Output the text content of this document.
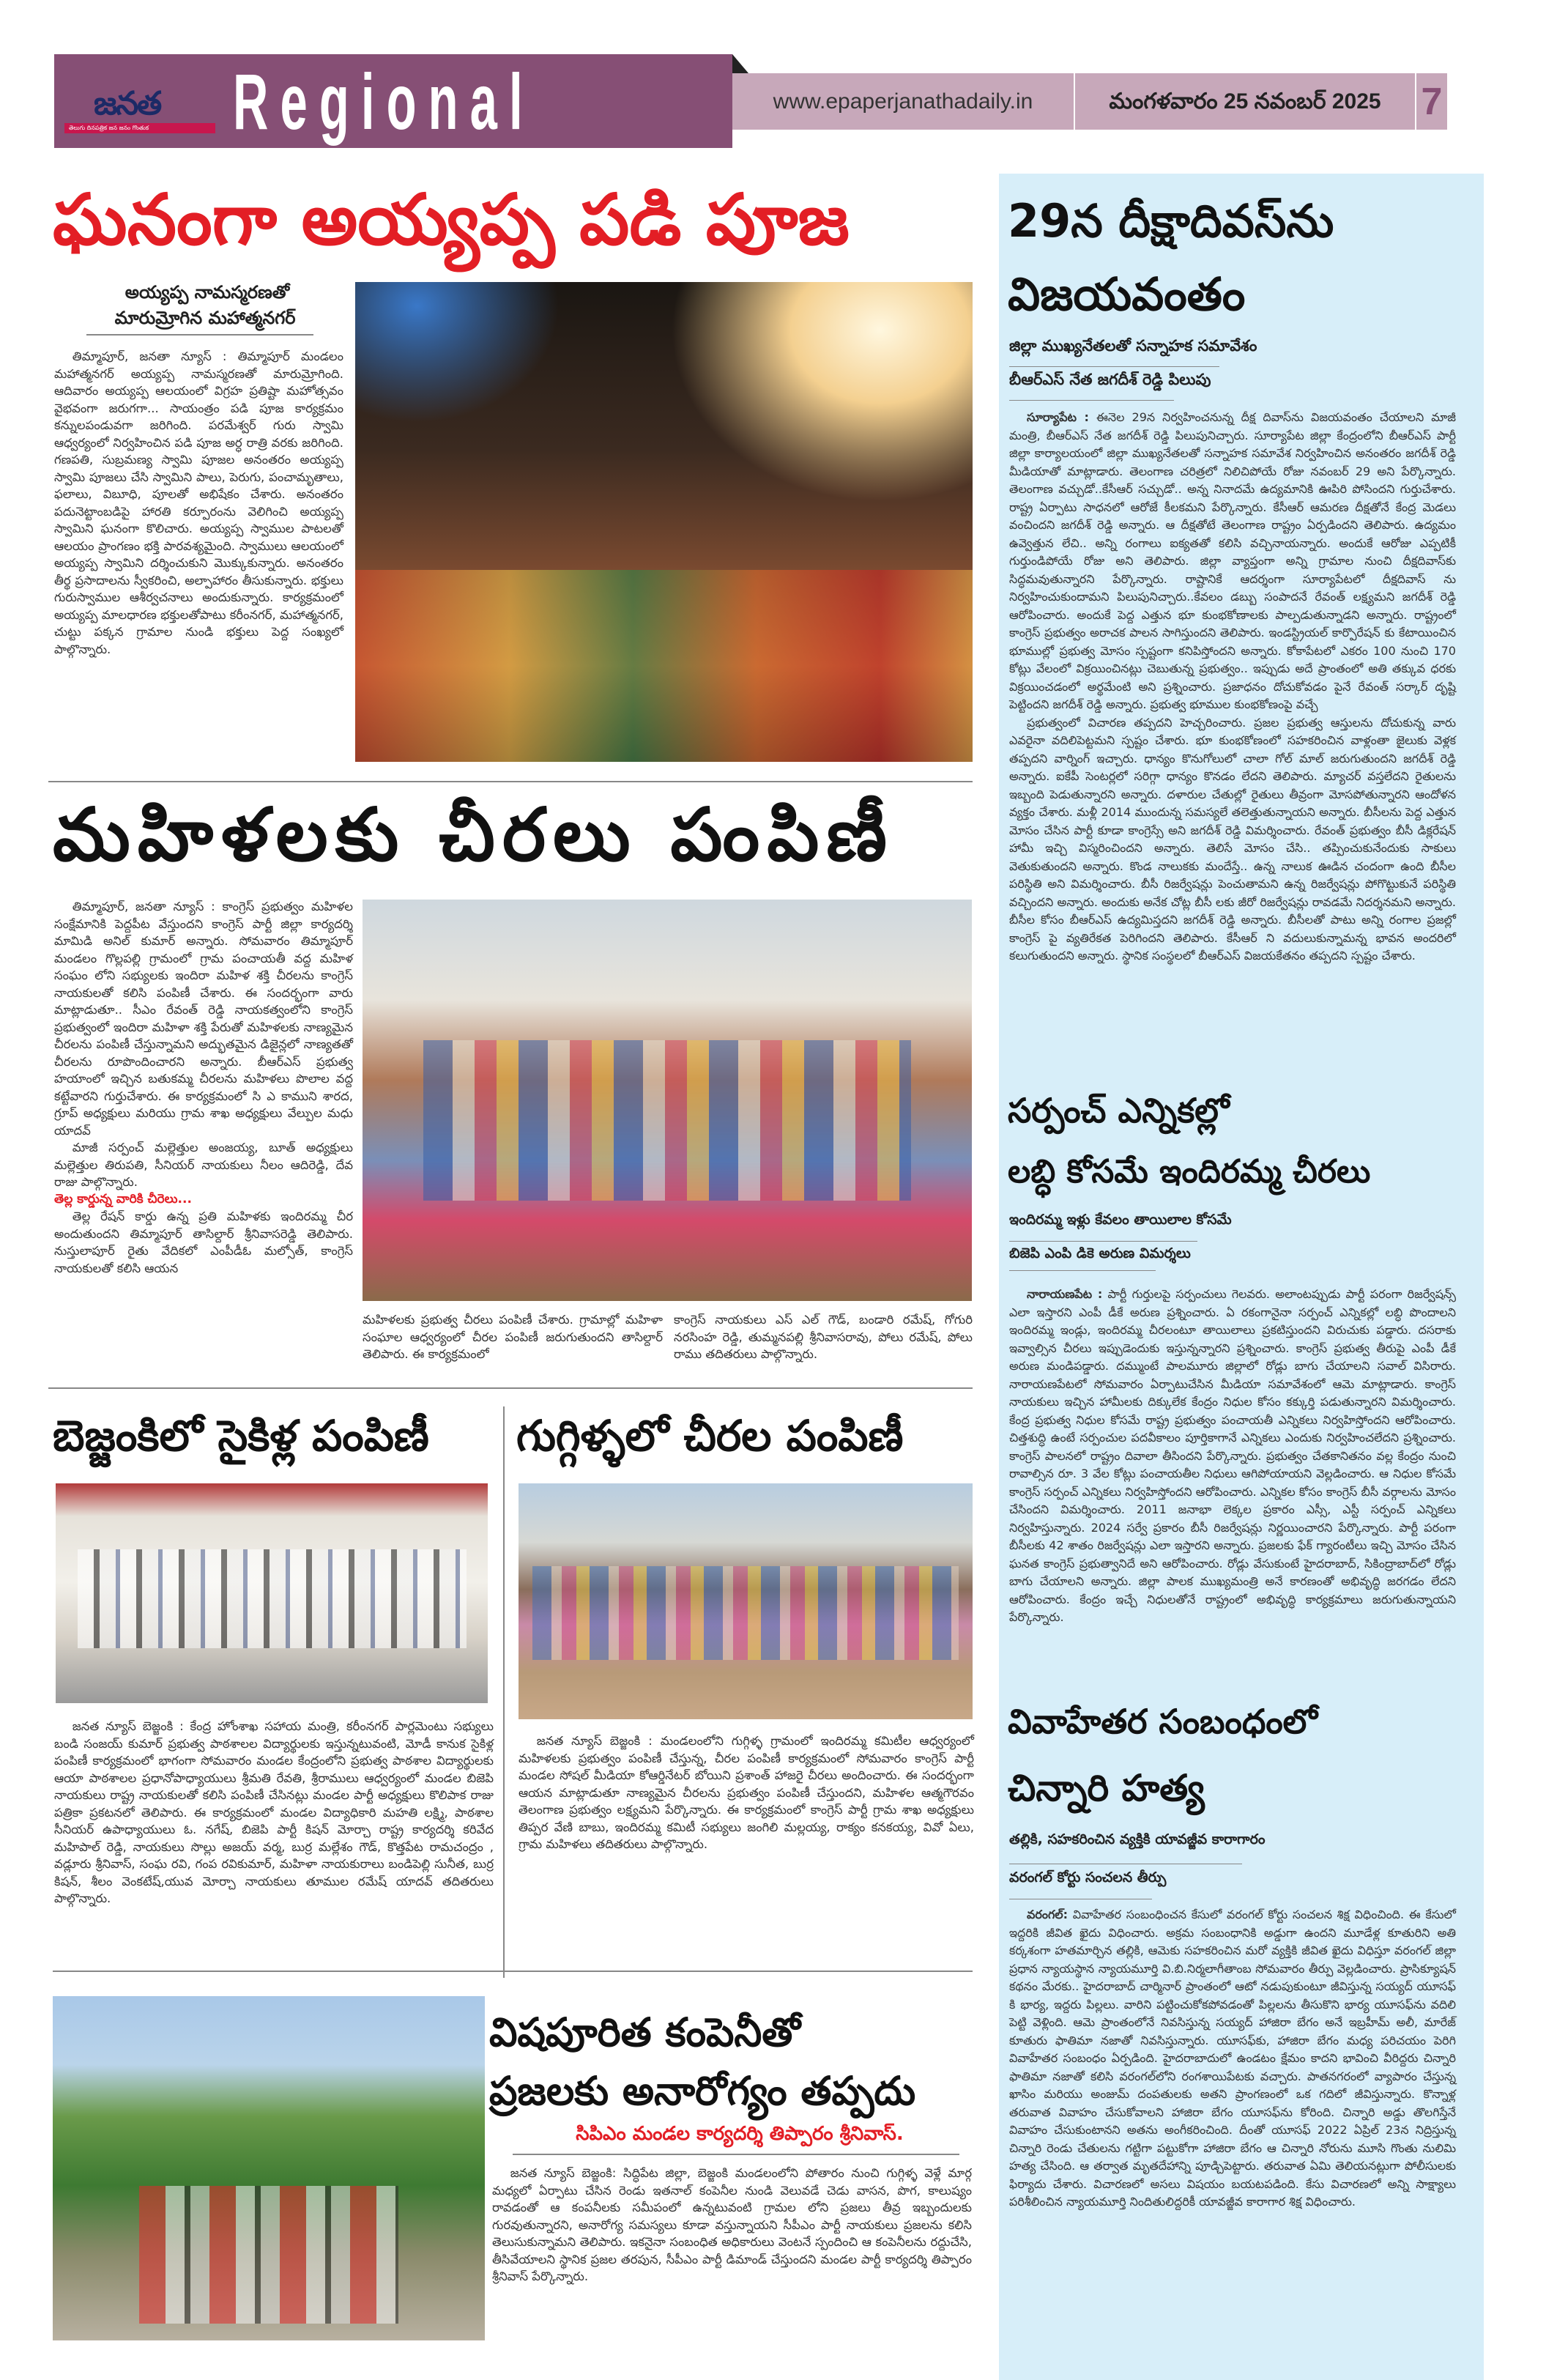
జనత
తెలుగు దినపత్రిక జన జనం గొంతుక	Regional	www.epaperjanathadaily.in	మంగళవారం 25 నవంబర్ 2025	7
ఘనంగా అయ్యప్ప పడి పూజ
అయ్యప్ప నామస్మరణతో
మారుమ్రోగిన మహాత్మనగర్

తిమ్మాపూర్, జనతా న్యూస్ : తిమ్మాపూర్ మండలం మహాత్మనగర్ అయ్యప్ప నామస్మరణతో మారుమ్రోగింది. ఆదివారం అయ్యప్ప ఆలయంలో విగ్రహ ప్రతిష్టా మహోత్సవం వైభవంగా జరుగగా... సాయంత్రం పడి పూజ కార్యక్రమం కన్నులపండువగా జరిగింది. పరమేశ్వర్ గురు స్వామి ఆధ్వర్యంలో నిర్వహించిన పడి పూజ అర్ధ రాత్రి వరకు జరిగింది. గణపతి, సుబ్రమణ్య స్వామి పూజల అనంతరం అయ్యప్ప స్వామి పూజలు చేసి స్వామిని పాలు, పెరుగు, పంచామృతాలు, ఫలాలు, విబూధి, పూలతో అభిషేకం చేశారు. అనంతరం పదునెట్టాంబడిపై హారతి కర్పూరంను వెలిగించి అయ్యప్ప స్వామిని ఘనంగా కొలిచారు. అయ్యప్ప స్వాముల పాటలతో ఆలయం ప్రాంగణం భక్తి పారవశ్యమైంది. స్వాములు ఆలయంలో అయ్యప్ప స్వామిని దర్శించుకుని మొక్కుకున్నారు. అనంతరం తీర్థ ప్రసాదాలను స్వీకరించి, అల్పాహారం తీసుకున్నారు. భక్తులు గురుస్వాముల ఆశీర్వచనాలు అందుకున్నారు. కార్యక్రమంలో అయ్యప్ప మాలధారణ భక్తులతోపాటు కరీంనగర్, మహాత్మనగర్, చుట్టు పక్కన గ్రామాల నుండి భక్తులు పెద్ద సంఖ్యలో పాల్గొన్నారు.

మహిళలకు చీరలు పంపిణీ

తిమ్మాపూర్, జనతా న్యూస్ : కాంగ్రెస్ ప్రభుత్వం మహిళల సంక్షేమానికి పెద్దపీట వేస్తుందని కాంగ్రెస్ పార్టీ జిల్లా కార్యదర్శి మామిడి అనిల్ కుమార్ అన్నారు. సోమవారం తిమ్మాపూర్ మండలం గొల్లపల్లి గ్రామంలో గ్రామ పంచాయతీ వద్ద మహిళ సంఘం లోని సభ్యులకు ఇందిరా మహిళ శక్తి చీరలను కాంగ్రెస్ నాయకులతో కలిసి పంపిణీ చేశారు. ఈ సందర్భంగా వారు మాట్లాడుతూ.. సీఎం రేవంత్ రెడ్డి నాయకత్వంలోని కాంగ్రెస్ ప్రభుత్వంలో ఇందిరా మహిళా శక్తి పేరుతో మహిళలకు నాణ్యమైన చీరలను పంపిణీ చేస్తున్నామని అద్భుతమైన డిజైన్లలో నాణ్యతతో చీరలను రూపొందించారని అన్నారు. బీఆర్ఎస్ ప్రభుత్వ హయాంలో ఇచ్చిన బతుకమ్మ చీరలను మహిళలు పొలాల వద్ద కట్టేవారని గుర్తుచేశారు. ఈ కార్యక్రమంలో సి ఎ కాముని శారద, గ్రూప్ అధ్యక్షులు మరియు గ్రామ శాఖ అధ్యక్షులు వేల్పుల మధు యాదవ్

మాజీ సర్పంచ్ మల్లెత్తుల అంజయ్య, బూత్ అధ్యక్షులు మల్లెత్తుల తిరుపతి, సీనియర్ నాయకులు నీలం ఆదిరెడ్డి, దేవ రాజు పాల్గొన్నారు.

తెల్ల కార్డున్న వారికి చీరెలు...

తెల్ల రేషన్ కార్డు ఉన్న ప్రతి మహిళకు ఇందిరమ్మ చీర అందుతుందని తిమ్మాపూర్ తాసిల్దార్ శ్రీనివాసరెడ్డి తెలిపారు. నుస్తులాపూర్ రైతు వేదికలో ఎంపీడీఓ మల్సోత్, కాంగ్రెస్ నాయకులతో కలిసి ఆయన

మహిళలకు ప్రభుత్వ చీరలు పంపిణీ చేశారు. గ్రామాల్లో మహిళా సంఘాల ఆధ్వర్యంలో చీరల పంపిణీ జరుగుతుందని తాసిల్దార్ తెలిపారు. ఈ కార్యక్రమంలో

కాంగ్రెస్ నాయకులు ఎస్ ఎల్ గౌడ్, బండారి రమేష్, గోగురి నరసింహ రెడ్డి, తుమ్మనపల్లి శ్రీనివాసరావు, పోలు రమేష్, పోలు రాము తదితరులు పాల్గొన్నారు.

బెజ్జంకిలో సైకిళ్ల పంపిణీ

జనత న్యూస్ బెజ్జంకి : కేంద్ర హోంశాఖ సహాయ మంత్రి, కరీంనగర్ పార్లమెంటు సభ్యులు బండి సంజయ్ కుమార్ ప్రభుత్వ పాఠశాలల విద్యార్థులకు ఇస్తున్నటువంటి, మోడీ కానుక సైకిళ్ల పంపిణీ కార్యక్రమంలో భాగంగా సోమవారం మండల కేంద్రంలోని ప్రభుత్వ పాఠశాల విద్యార్థులకు ఆయా పాఠశాలల ప్రధానోపాధ్యాయులు శ్రీమతి రేవతి, శ్రీరాములు ఆధ్వర్యంలో మండల బిజెపి నాయకులు రాష్ట్ర నాయకులతో కలిసి పంపిణీ చేసినట్లు మండల పార్టీ అధ్యక్షులు కొలిపాక రాజు పత్రికా ప్రకటనలో తెలిపారు. ఈ కార్యక్రమంలో మండల విద్యాధికారి మహతి లక్ష్మి, పాఠశాల సీనియర్ ఉపాధ్యాయులు ఓ. నగేష్, బిజెపి పార్టీ కిషన్ మోర్చా రాష్ట్ర కార్యదర్శి కరివేద మహిపాల్ రెడ్డి, నాయకులు సొల్లు అజయ్ వర్మ, బుర్ర మల్లేశం గౌడ్, కొత్తపేట రామచంద్రం , వడ్లూరు శ్రీనివాస్, సంఘ రవి, గంప రవికుమార్, మహిళా నాయకురాలు బండిపెల్లి సునీత, బుర్ర కిషన్, శీలం వెంకటేష్,యువ మోర్చా నాయకులు తూముల రమేష్ యాదవ్ తదితరులు పాల్గొన్నారు.

గుగ్గిళ్ళలో చీరల పంపిణీ

జనత న్యూస్ బెజ్జంకి : మండలంలోని గుగ్గిళ్ళ గ్రామంలో ఇందిరమ్మ కమిటీల ఆధ్వర్యంలో మహిళలకు ప్రభుత్వం పంపిణీ చేస్తున్న, చీరల పంపిణీ కార్యక్రమంలో సోమవారం కాంగ్రెస్ పార్టీ మండల సోషల్ మీడియా కోఆర్డినేటర్ బోయిని ప్రశాంత్ హాజరై చీరలు అందించారు. ఈ సందర్భంగా ఆయన మాట్లాడుతూ నాణ్యమైన చీరలను ప్రభుత్వం పంపిణీ చేస్తుందని, మహిళల ఆత్మగౌరవం తెలంగాణ ప్రభుత్వం లక్ష్యమని పేర్కొన్నారు. ఈ కార్యక్రమంలో కాంగ్రెస్ పార్టీ గ్రామ శాఖ అధ్యక్షులు తిప్పర వేణి బాబు, ఇందిరమ్మ కమిటీ సభ్యులు జంగిలి మల్లయ్య, రాక్యం కనకయ్య, వివో ఏలు, గ్రామ మహిళలు తదితరులు పాల్గొన్నారు.

విషపూరిత కంపెనీతో
ప్రజలకు అనారోగ్యం తప్పదు
సిపిఎం మండల కార్యదర్శి తిప్పారం శ్రీనివాస్.

జనత న్యూస్ బెజ్జంకి: సిద్ధిపేట జిల్లా, బెజ్జంకి మండలంలోని పోతారం నుంచి గుగ్గిళ్ళ వెళ్లే మార్గ మధ్యలో ఏర్పాటు చేసిన రెండు ఇతనాల్ కంపెనీల నుండి వెలువడే చెడు వాసన, పొగ, కాలుష్యం రావడంతో ఆ కంపనీలకు సమీపంలో ఉన్నటువంటి గ్రామల లోని ప్రజలు తీవ్ర ఇబ్బందులకు గురవుతున్నారని, అనారోగ్య సమస్యలు కూడా వస్తున్నాయని సీపీఎం పార్టీ నాయకులు ప్రజలను కలిసి తెలుసుకున్నామని తెలిపారు. ఇకనైనా సంబంధిత అధికారులు వెంటనే స్పందించి ఆ కంపెనీలను రద్దుచేసి, తీసివేయాలని స్థానిక ప్రజల తరపున, సీపీఎం పార్టీ డిమాండ్ చేస్తుందని మండల పార్టీ కార్యదర్శి తిప్పారం శ్రీనివాస్ పేర్కొన్నారు.

29న దీక్షాదివస్‌ను
విజయవంతం
జిల్లా ముఖ్యనేతలతో సన్నాహక సమావేశం
బీఆర్ఎస్ నేత జగదీశ్ రెడ్డి పిలుపు

సూర్యాపేట : ఈనెల 29న నిర్వహించనున్న దీక్ష దివాస్‌ను విజయవంతం చేయాలని మాజీ మంత్రి, బీఆర్ఎస్ నేత జగదీశ్ రెడ్డి పిలుపునిచ్చారు. సూర్యాపేట జిల్లా కేంద్రంలోని బీఆర్ఎస్ పార్టీ జిల్లా కార్యాలయంలో జిల్లా ముఖ్యనేతలతో సన్నాహక సమావేశ నిర్వహించిన అనంతరం జగదీశ్ రెడ్డి మీడియాతో మాట్లాడారు. తెలంగాణ చరిత్రలో నిలిచిపోయే రోజు నవంబర్ 29 అని పేర్కొన్నారు. తెలంగాణ వచ్చుడో..కేసీఆర్ సచ్చుడో.. అన్న నినాదమే ఉద్యమానికి ఊపిరి పోసిందని గుర్తుచేశారు. రాష్ట్ర ఏర్పాటు సాధనలో ఆరోజే కీలకమని పేర్కొన్నారు. కేసీఆర్ ఆమరణ దీక్షతోనే కేంద్ర మెడలు వంచిందని జగదీశ్ రెడ్డి అన్నారు. ఆ దీక్షతోటే తెలంగాణ రాష్ట్రం ఏర్పడిందని తెలిపారు. ఉద్యమం ఉవ్వెత్తున లేచి.. అన్ని రంగాలు ఐక్యతతో కలిసి వచ్చినాయన్నారు. అందుకే ఆరోజు ఎప్పటికీ గుర్తుండిపోయే రోజు అని తెలిపారు. జిల్లా వ్యాప్తంగా అన్ని గ్రామాల నుంచి దీక్షదివాస్‌కు సిద్ధమవుతున్నారని పేర్కొన్నారు. రాష్టానికే ఆదర్శంగా సూర్యాపేటలో దీక్షదివాస్ ను నిర్వహించుకుందామని పిలుపునిచ్చారు..కేవలం డబ్బు సంపాదనే రేవంత్ లక్ష్యమని జగదీశ్ రెడ్డి ఆరోపించారు. అందుకే పెద్ద ఎత్తున భూ కుంభకోణాలకు పాల్పడుతున్నాడని అన్నారు. రాష్ట్రంలో కాంగ్రెస్ ప్రభుత్వం అరాచక పాలన సాగిస్తుందని తెలిపారు. ఇండస్ట్రియల్ కార్పొరేషన్ కు కేటాయించిన భూముల్లో ప్రభుత్వ మోసం స్పష్టంగా కనిపిస్తోందని అన్నారు. కోకాపేటలో ఎకరం 100 నుంచి 170 కోట్లు వేలంలో విక్రయించినట్లు చెబుతున్న ప్రభుత్వం.. ఇప్పుడు అదే ప్రాంతంలో అతి తక్కువ ధరకు విక్రయించడంలో అర్థమేంటి అని ప్రశ్నించారు. ప్రజాధనం దోచుకోవడం పైనే రేవంత్ సర్కార్ దృష్టి పెట్టిందని జగదీశ్ రెడ్డి అన్నారు. ప్రభుత్వ భూముల కుంభకోణంపై వచ్చే

ప్రభుత్వంలో విచారణ తప్పదని హెచ్చరించారు. ప్రజల ప్రభుత్వ ఆస్తులను దోచుకున్న వారు ఎవరైనా వదిలిపెట్టమని స్పష్టం చేశారు. భూ కుంభకోణంలో సహకరించిన వాళ్లంతా జైలుకు వెళ్లక తప్పదని వార్నింగ్ ఇచ్చారు. ధాన్యం కొనుగోలులో చాలా గోల్ మాల్ జరుగుతుందని జగదీశ్ రెడ్డి అన్నారు. ఐకేపీ సెంటర్లలో సరిగ్గా ధాన్యం కొనడం లేదని తెలిపారు. మ్యాచర్ వస్తలేదని రైతులను ఇబ్బంది పెడుతున్నారని అన్నారు. దళారుల చేతుల్లో రైతులు తీవ్రంగా మోసపోతున్నారని ఆందోళన వ్యక్తం చేశారు. మళ్లీ 2014 ముందున్న సమస్యలే తలెత్తుతున్నాయని అన్నారు. బీసీలను పెద్ద ఎత్తున మోసం చేసిన పార్టీ కూడా కాంగ్రెస్సే అని జగదీశ్ రెడ్డి విమర్శించారు. రేవంత్ ప్రభుత్వం బీసీ డిక్లరేషన్ హామీ ఇచ్చి విస్మరించిందని అన్నారు. తెలిసే మోసం చేసి.. తప్పించుకునేందుకు సాకులు వెతుకుతుందని అన్నారు. కొండ నాలుకకు మందేస్తే.. ఉన్న నాలుక ఊడిన చందంగా ఉంది బీసీల పరిస్థితి అని విమర్శించారు. బీసీ రిజర్వేషన్లు పెంచుతామని ఉన్న రిజర్వేషన్లు పోగొట్టుకునే పరిస్థితి వచ్చిందని అన్నారు. అందుకు అనేక చోట్ల బీసీ లకు జీరో రిజర్వేషన్లు రావడమే నిదర్శనమని అన్నారు. బీసీల కోసం బీఆర్ఎస్ ఉద్యమిస్తదని జగదీశ్ రెడ్డి అన్నారు. బీసీలతో పాటు అన్ని రంగాల ప్రజల్లో కాంగ్రెస్ పై వ్యతిరేకత పెరిగిందని తెలిపారు. కేసీఆర్ ని వదులుకున్నామన్న భావన అందరిలో కలుగుతుందని అన్నారు. స్థానిక సంస్థలలో బీఆర్ఎస్ విజయకేతనం తప్పదని స్పష్టం చేశారు.

సర్పంచ్ ఎన్నికల్లో
లబ్ధి కోసమే ఇందిరమ్మ చీరలు
ఇందిరమ్మ ఇళ్లు కేవలం తాయిలాల కోసమే
బిజెపి ఎంపి డికె అరుణ విమర్శలు

నారాయణపేట : పార్టీ గుర్తులపై సర్పంచులు గెలవరు. అలాంటప్పుడు పార్టీ పరంగా రిజర్వేషన్స్ ఎలా ఇస్తారని ఎంపీ డీకే అరుణ ప్రశ్నించారు. ఏ రకంగానైనా సర్పంచ్ ఎన్నికల్లో లబ్ధి పొందాలని ఇందిరమ్మ ఇండ్లు, ఇందిరమ్మ చీరలంటూ తాయిలాలు ప్రకటిస్తుందని విరుచుకు పడ్డారు. దసరాకు ఇవ్వాల్సిన చీరలు ఇప్పుడెందుకు ఇస్తున్నన్నారని ప్రశ్నించారు. కాంగ్రెస్ ప్రభుత్వ తీరుపై ఎంపీ డీకే అరుణ మండిపడ్డారు. దమ్ముంటే పాలమూరు జిల్లాలో రోడ్లు బాగు చేయాలని సవాల్ విసిరారు. నారాయణపేటలో సోమవారం ఏర్పాటుచేసిన మీడియా సమావేశంలో ఆమె మాట్లాడారు. కాంగ్రెస్ నాయకులు ఇచ్చిన హామీలకు దిక్కులేక కేంద్రం నిధుల కోసం కక్కుర్తి పడుతున్నారని విమర్శించారు. కేంద్ర ప్రభుత్వ నిధుల కోసమే రాష్ట్ర ప్రభుత్వం పంచాయతీ ఎన్నికలు నిర్వహిస్తోందని ఆరోపించారు. చిత్తశుద్ధి ఉంటే సర్పంచుల పదవీకాలం పూర్తికాగానే ఎన్నికలు ఎందుకు నిర్వహించలేదని ప్రశ్నించారు. కాంగ్రెస్ పాలనలో రాష్ట్రం దివాలా తీసిందని పేర్కొన్నారు. ప్రభుత్వం చేతకానితనం వల్ల కేంద్రం నుంచి రావాల్సిన రూ. 3 వేల కోట్లు పంచాయతీల నిధులు ఆగిపోయాయని వెల్లడించారు. ఆ నిధుల కోసమే కాంగ్రెస్ సర్పంచ్ ఎన్నికలు నిర్వహిస్తోందని ఆరోపించారు. ఎన్నికల కోసం కాంగ్రెస్ బీసీ వర్గాలను మోసం చేసిందని విమర్శించారు. 2011 జనాభా లెక్కల ప్రకారం ఎస్సీ, ఎస్టీ సర్పంచ్ ఎన్నికలు నిర్వహిస్తున్నారు. 2024 సర్వే ప్రకారం బీసీ రిజర్వేషన్లు నిర్ణయించారని పేర్కొన్నారు. పార్టీ పరంగా బీసీలకు 42 శాతం రిజర్వేషన్లు ఎలా ఇస్తారని అన్నారు. ప్రజలకు ఫేక్ గ్యారంటీలు ఇచ్చి మోసం చేసిన ఘనత కాంగ్రెస్ ప్రభుత్వానిదే అని ఆరోపించారు. రోడ్లు వేసుకుంటే హైదరాబాద్, సికింద్రాబాద్‌లో రోడ్లు బాగు చేయాలని అన్నారు. జిల్లా పాలక ముఖ్యమంత్రి అనే కారణంతో అభివృద్ధి జరగడం లేదని ఆరోపించారు. కేంద్రం ఇచ్చే నిధులతోనే రాష్ట్రంలో అభివృద్ధి కార్యక్రమాలు జరుగుతున్నాయని పేర్కొన్నారు.

వివాహేతర సంబంధంలో
చిన్నారి హత్య
తల్లికి, సహకరించిన వ్యక్తికి యావజ్జీవ కారాగారం
వరంగల్ కోర్టు సంచలన తీర్పు

వరంగల్: వివాహేతర సంబంధించన కేసులో వరంగల్ కోర్టు సంచలన శిక్ష విధించింది. ఈ కేసులో ఇద్దరికి జీవిత ఖైదు విధించారు. అక్రమ సంబంధానికి అడ్డుగా ఉందని మూడేళ్ల కూతురిని అతి కర్కశంగా హతమార్చిన తల్లికి, ఆమెకు సహకరించిన మరో వ్యక్తికి జీవిత ఖైదు విధిస్తూ వరంగల్ జిల్లా ప్రధాన న్యాయస్థాన న్యాయమూర్తి వి.బి.నిర్మలాగీతాంబ సోమవారం తీర్పు వెల్లడించారు. ప్రాసిక్యూషన్ కథనం మేరకు.. హైదరాబాద్ చార్మినార్ ప్రాంతంలో ఆటో నడుపుకుంటూ జీవిస్తున్న సయ్యద్ యూసఫ్ కి భార్య, ఇద్దరు పిల్లలు. వారిని పట్టించుకోకపోవడంతో పిల్లలను తీసుకొని భార్య యూసఫ్‌ను వదిలి పెట్టి వెళ్లింది. ఆమె ప్రాంతంలోనే నివసిస్తున్న సయ్యద్ హాజిరా బేగం అనే ఇబ్రహీమ్ అలీ, మారేజ్ కూతురు ఫాతిమా నజాతో నివసిస్తున్నారు. యూసఫ్‌కు, హాజిరా బేగం మధ్య పరిచయం పెరిగి వివాహేతర సంబంధం ఏర్పడింది. హైదరాబాదులో ఉండటం క్షేమం కాదని భావించి వీరిద్దరు చిన్నారి ఫాతిమా నజాతో కలిసి వరంగల్‌లోని రంగశాయిపేటకు వచ్చారు. పాతనగరంలో వ్యాపారం చేస్తున్న ఖాసిం మరియు అంజుమ్ దంపతులకు అతని ప్రాంగణంలో ఒక గదిలో జీవిస్తున్నారు. కొన్నాళ్ల తరువాత వివాహం చేసుకోవాలని హాజిరా బేగం యూసఫ్‌ను కోరింది. చిన్నారి అడ్డు తొలగిస్తేనే వివాహం చేసుకుంటానని అతను అంగీకరించింది. దీంతో యూసఫ్ 2022 ఏప్రిల్ 23న నిద్రిస్తున్న చిన్నారి రెండు చేతులను గట్టిగా పట్టుకోగా హాజిరా బేగం ఆ చిన్నారి నోరును మూసి గొంతు నులిమి హత్య చేసింది. ఆ తర్వాత మృతదేహాన్ని పూడ్చిపెట్టారు. తరువాత ఏమి తెలియనట్లుగా పోలీసులకు ఫిర్యాదు చేశారు. విచారణలో అసలు విషయం బయటపడింది. కేసు విచారణలో అన్ని సాక్ష్యాలు పరిశీలించిన న్యాయమూర్తి నిందితులిద్దరికీ యావజ్జీవ కారాగార శిక్ష విధించారు.
